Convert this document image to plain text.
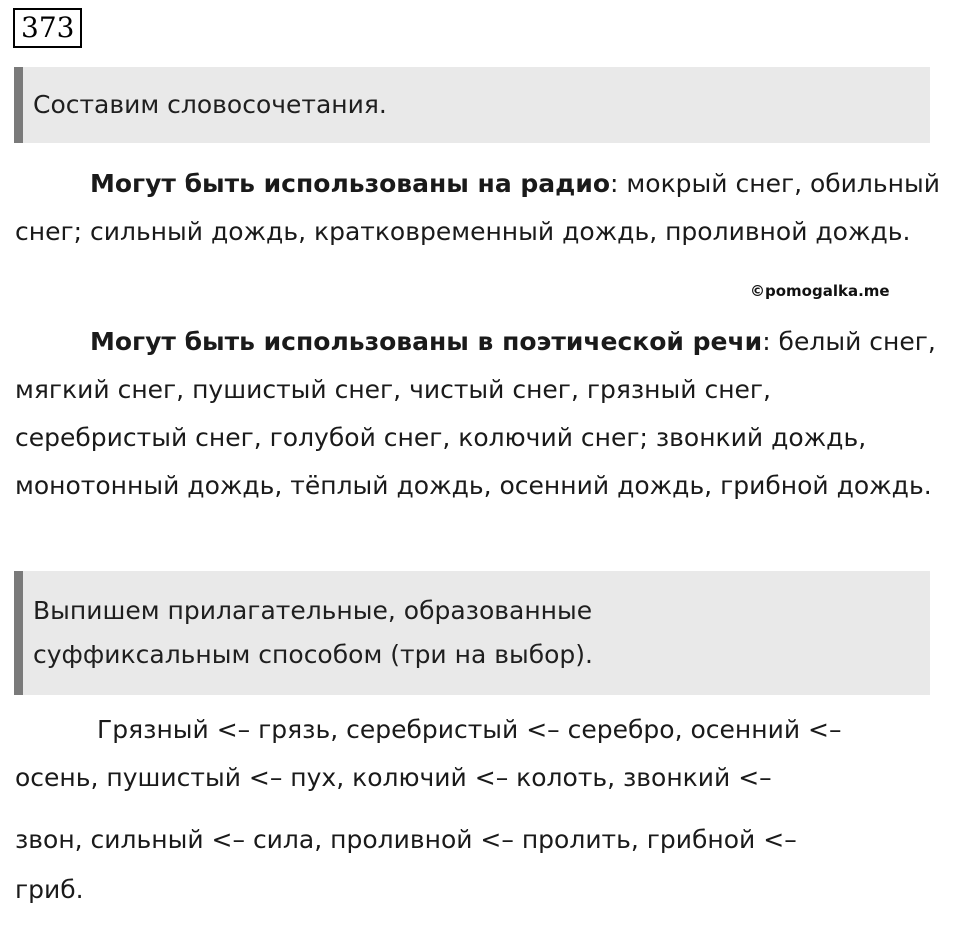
373
Составим словосочетания.

Могут быть использованы на радио: мокрый снег, обильный снег; сильный дождь, кратковременный дождь, проливной дождь.

©pomogalka.me

Могут быть использованы в поэтической речи: белый снег, мягкий снег, пушистый снег, чистый снег, грязный снег, серебристый снег, голубой снег, колючий снег; звонкий дождь, монотонный дождь, тёплый дождь, осенний дождь, грибной дождь.

Выпишем прилагательные, образованные

суффиксальным способом (три на выбор).

Грязный <– грязь, серебристый <– серебро, осенний <–
осень, пушистый <– пух, колючий <– колоть, звонкий <–
звон, сильный <– сила, проливной <– пролить, грибной <–
гриб.
